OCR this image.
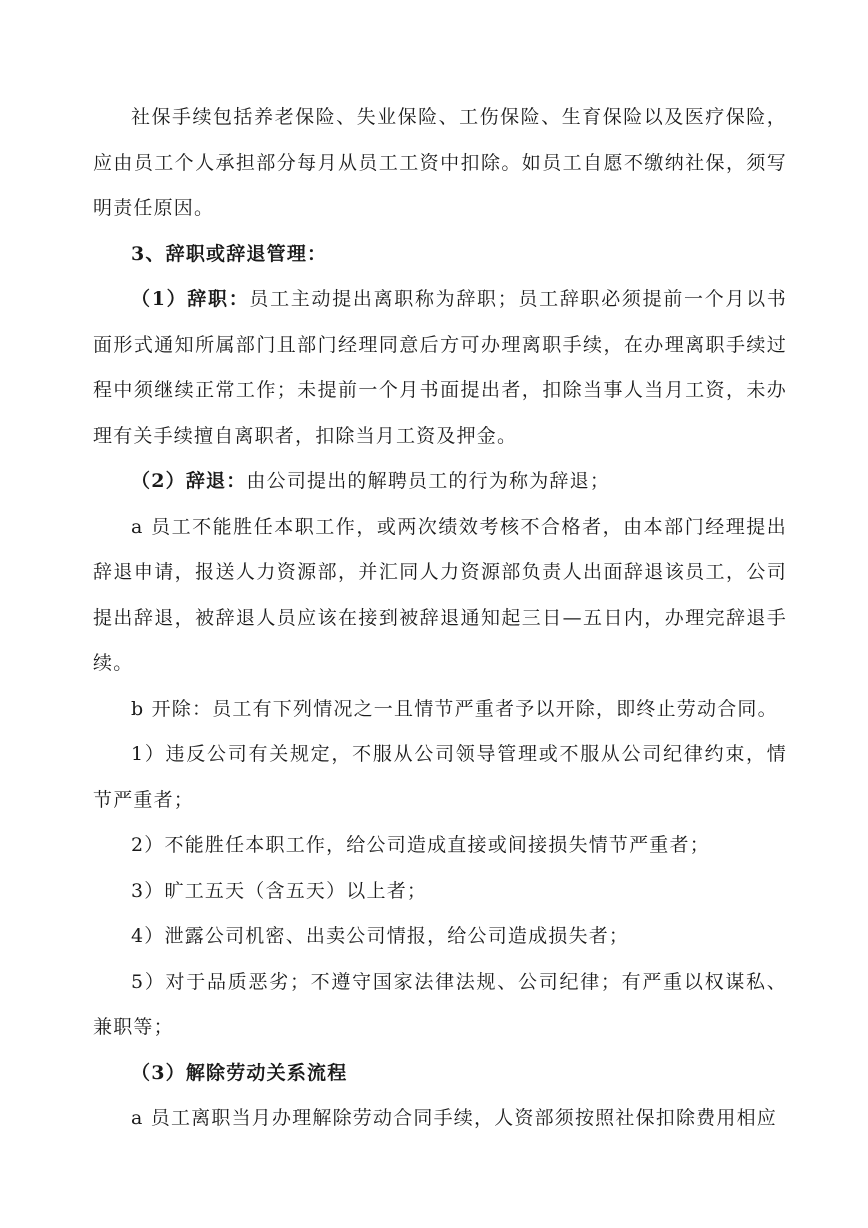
社保手续包括养老保险、失业保险、工伤保险、生育保险以及医疗保险，应由员工个人承担部分每月从员工工资中扣除。如员工自愿不缴纳社保，须写明责任原因。

3、辞职或辞退管理：

（1）辞职：员工主动提出离职称为辞职；员工辞职必须提前一个月以书面形式通知所属部门且部门经理同意后方可办理离职手续，在办理离职手续过程中须继续正常工作；未提前一个月书面提出者，扣除当事人当月工资，未办理有关手续擅自离职者，扣除当月工资及押金。

（2）辞退：由公司提出的解聘员工的行为称为辞退；

a 员工不能胜任本职工作，或两次绩效考核不合格者，由本部门经理提出辞退申请，报送人力资源部，并汇同人力资源部负责人出面辞退该员工，公司提出辞退，被辞退人员应该在接到被辞退通知起三日—五日内，办理完辞退手续。

b 开除：员工有下列情况之一且情节严重者予以开除，即终止劳动合同。

1）违反公司有关规定，不服从公司领导管理或不服从公司纪律约束，情节严重者；

2）不能胜任本职工作，给公司造成直接或间接损失情节严重者；

3）旷工五天（含五天）以上者；

4）泄露公司机密、出卖公司情报，给公司造成损失者；

5）对于品质恶劣；不遵守国家法律法规、公司纪律；有严重以权谋私、兼职等；

（3）解除劳动关系流程

a 员工离职当月办理解除劳动合同手续，人资部须按照社保扣除费用相应
